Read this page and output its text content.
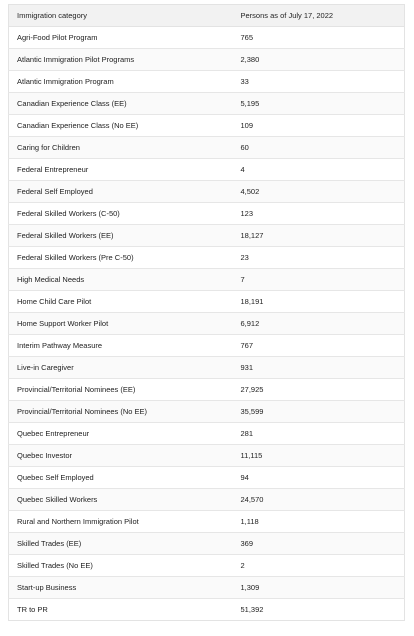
Immigration category	Persons as of July 17, 2022
Agri-Food Pilot Program	765
Atlantic Immigration Pilot Programs	2,380
Atlantic Immigration Program	33
Canadian Experience Class (EE)	5,195
Canadian Experience Class (No EE)	109
Caring for Children	60
Federal Entrepreneur	4
Federal Self Employed	4,502
Federal Skilled Workers (C-50)	123
Federal Skilled Workers (EE)	18,127
Federal Skilled Workers (Pre C-50)	23
High Medical Needs	7
Home Child Care Pilot	18,191
Home Support Worker Pilot	6,912
Interim Pathway Measure	767
Live-in Caregiver	931
Provincial/Territorial Nominees (EE)	27,925
Provincial/Territorial Nominees (No EE)	35,599
Quebec Entrepreneur	281
Quebec Investor	11,115
Quebec Self Employed	94
Quebec Skilled Workers	24,570
Rural and Northern Immigration Pilot	1,118
Skilled Trades (EE)	369
Skilled Trades (No EE)	2
Start-up Business	1,309
TR to PR	51,392
